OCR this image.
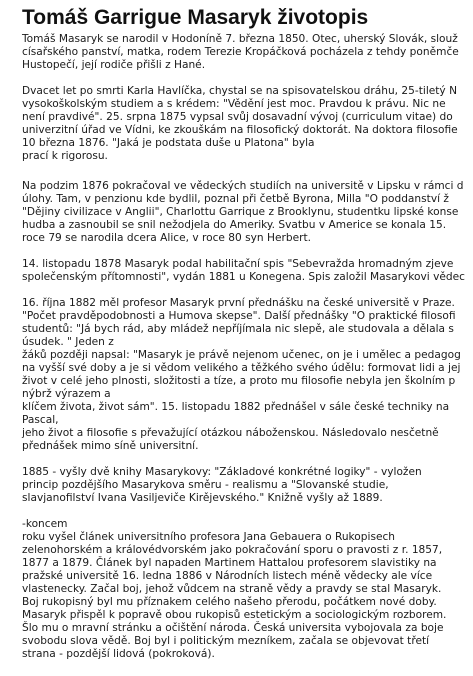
Tomáš Garrigue Masaryk životopis
Tomáš Masaryk se narodil v Hodoníně 7. března 1850. Otec, uherský Slovák, slouž
císařského panství, matka, rodem Terezie Kropáčková pocházela z tehdy poněmče
Hustopečí, její rodiče přišli z Hané.
Dvacet let po smrti Karla Havlíčka, chystal se na spisovatelskou dráhu, 25-tiletý N
vysokoškolským studiem a s krédem: "Vědění jest moc. Pravdou k právu. Nic ne
není pravdivé". 25. srpna 1875 vypsal svůj dosavadní vývoj (curriculum vitae) do
univerzitní úřad ve Vídni, ke zkouškám na filosofický doktorát. Na doktora filosofie
10 března 1876. "Jaká je podstata duše u Platona" byla
prací k rigorosu.
Na podzim 1876 pokračoval ve vědeckých studiích na universitě v Lipsku v rámci d
úlohy. Tam, v penzionu kde bydlil, poznal při četbě Byrona, Milla "O poddanství ž
"Dějiny civilizace v Anglii", Charlottu Garrique z Brooklynu, studentku lipské konse
hudba a zasnoubil se snil nežodjela do Ameriky. Svatbu v Americe se konala 15.
roce 79 se narodila dcera Alice, v roce 80 syn Herbert.
14. listopadu 1878 Masaryk podal habilitační spis "Sebevražda hromadným zjeve
společenským přítomnosti", vydán 1881 u Konegena. Spis založil Masarykovi vědec
16. října 1882 měl profesor Masaryk první přednášku na české universitě v Praze.
"Počet pravděpodobnosti a Humova skepse". Další přednášky "O praktické filosofi
studentů: "Já bych rád, aby mládež nepříjímala nic slepě, ale studovala a dělala s
úsudek. " Jeden z
žáků později napsal: "Masaryk je právě nejenom učenec, on je i umělec a pedagog
na vyšší své doby a je si vědom velikého a těžkého svého údělu: formovat lidi a jej
život v celé jeho plnosti, složitosti a tíze, a proto mu filosofie nebyla jen školním p
nýbrž výrazem a
klíčem života, život sám". 15. listopadu 1882 přednášel v sále české techniky na
Pascal,
jeho život a filosofie s převažující otázkou náboženskou. Následovalo nesčetně
přednášek mimo síně universitní.
1885 - vyšly dvě knihy Masarykovy: "Základové konkrétné logiky" - vyložen
princip pozdějšího Masarykova směru - realismu a "Slovanské studie,
slavjanofilství Ivana Vasiljeviče Kirějevského." Knižně vyšly až 1889.
-koncem
roku vyšel článek universitního profesora Jana Gebauera o Rukopisech
zelenohorském a královédvorském jako pokračování sporu o pravosti z r. 1857,
1877 a 1879. Článek byl napaden Martinem Hattalou profesorem slavistiky na
pražské universitě 16. ledna 1886 v Národních listech méně vědecky ale více
vlastenecky. Začal boj, jehož vůdcem na straně vědy a pravdy se stal Masaryk.
Boj rukopisný byl mu příznakem celého našeho přerodu, počátkem nové doby.
Masaryk přispěl k popravě obou rukopisů estetickým a sociologickým rozborem.
Šlo mu o mravní stránku a očištění národa. Česká universita vybojovala za boje
svobodu slova vědě. Boj byl i politickým mezníkem, začala se objevovat třetí
strana - pozdější lidová (pokroková).
